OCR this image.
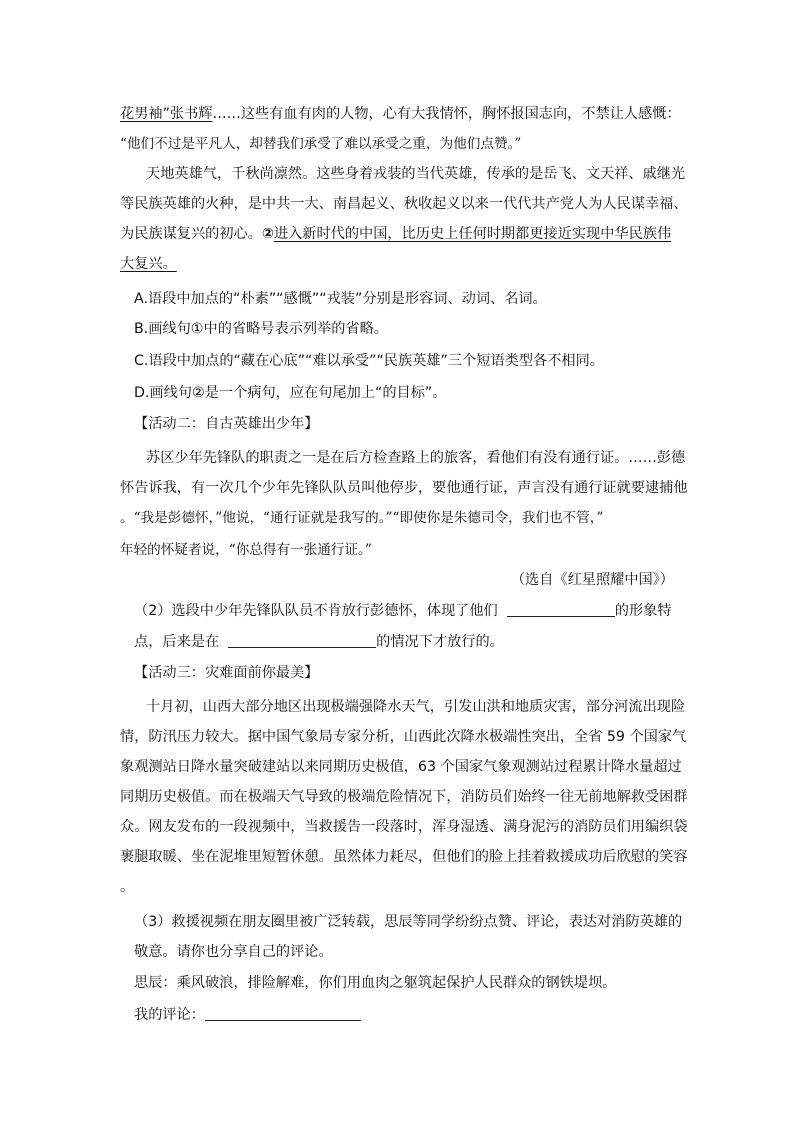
花男袖”张书辉……这些有血有肉的人物，心有大我情怀，胸怀报国志向，不禁让人感慨：
“他们不过是平凡人，却替我们承受了难以承受之重，为他们点赞。”
天地英雄气，千秋尚凛然。这些身着戎装的当代英雄，传承的是岳飞、文天祥、戚继光
等民族英雄的火种，是中共一大、南昌起义、秋收起义以来一代代共产党人为人民谋幸福、
为民族谋复兴的初心。②进入新时代的中国，比历史上任何时期都更接近实现中华民族伟
大复兴。
A.语段中加点的“朴素”“感慨”“戎装”分别是形容词、动词、名词。
B.画线句①中的省略号表示列举的省略。
C.语段中加点的“藏在心底”“难以承受”“民族英雄”三个短语类型各不相同。
D.画线句②是一个病句，应在句尾加上“的目标”。
【活动二：自古英雄出少年】
苏区少年先锋队的职责之一是在后方检查路上的旅客，看他们有没有通行证。……彭德
怀告诉我，有一次几个少年先锋队队员叫他停步，要他通行证，声言没有通行证就要逮捕他
。“我是彭德怀，”他说，“通行证就是我写的。”“即使你是朱德司令，我们也不管，”
年轻的怀疑者说，“你总得有一张通行证。”
（选自《红星照耀中国》）
（2）选段中少年先锋队队员不肯放行彭德怀，体现了他们	的形象特
点，后来是在	的情况下才放行的。
【活动三：灾难面前你最美】
十月初，山西大部分地区出现极端强降水天气，引发山洪和地质灾害，部分河流出现险
情，防汛压力较大。据中国气象局专家分析，山西此次降水极端性突出，全省 59 个国家气
象观测站日降水量突破建站以来同期历史极值，63 个国家气象观测站过程累计降水量超过
同期历史极值。而在极端天气导致的极端危险情况下，消防员们始终一往无前地解救受困群
众。网友发布的一段视频中，当救援告一段落时，浑身湿透、满身泥污的消防员们用编织袋
裹腿取暖、坐在泥堆里短暂休憩。虽然体力耗尽，但他们的脸上挂着救援成功后欣慰的笑容
。
（3）救援视频在朋友圈里被广泛转载，思辰等同学纷纷点赞、评论，表达对消防英雄的
敬意。请你也分享自己的评论。
思辰：乘风破浪，排险解难，你们用血肉之躯筑起保护人民群众的钢铁堤坝。
我的评论：
